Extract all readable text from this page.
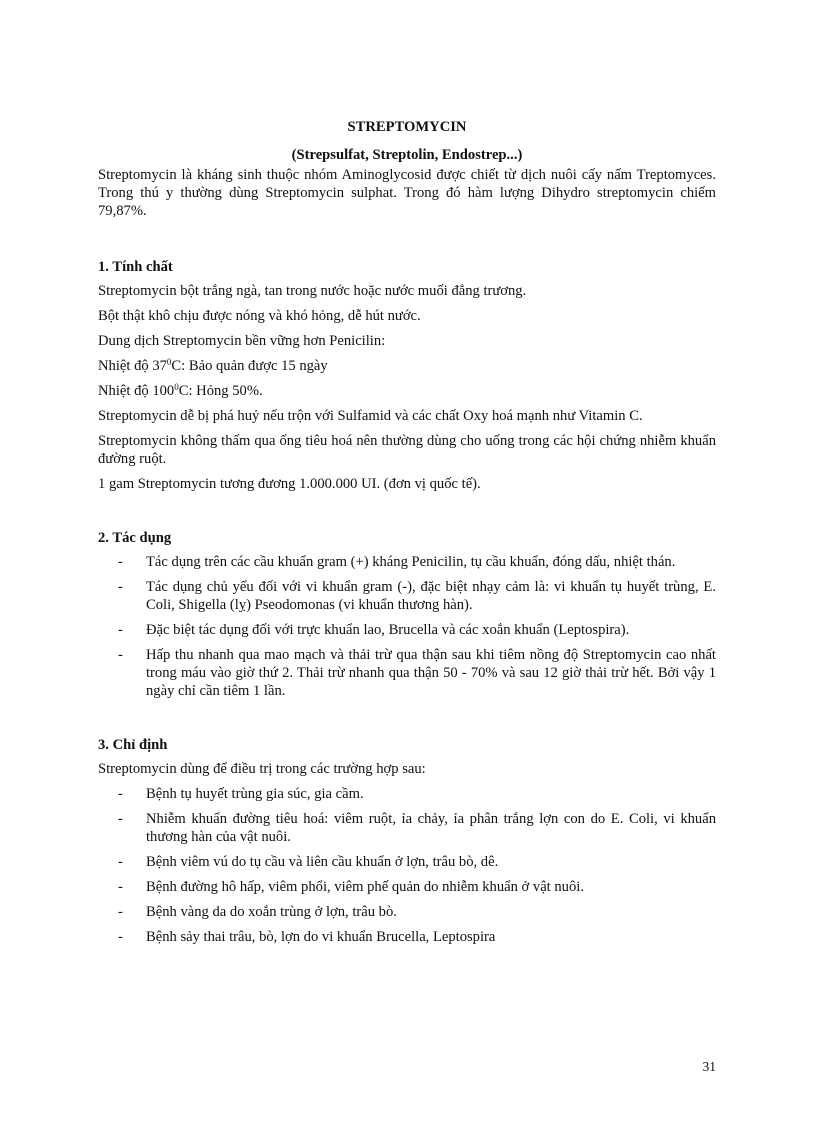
STREPTOMYCIN
(Strepsulfat, Streptolin, Endostrep...)

Streptomycin là kháng sinh thuộc nhóm Aminoglycosid được chiết từ dịch nuôi cấy nấm Treptomyces. Trong thú y thường dùng Streptomycin sulphat. Trong đó hàm lượng Dihydro streptomycin chiếm 79,87%.

1. Tính chất

Streptomycin bột trắng ngà, tan trong nước hoặc nước muối đẳng trương.

Bột thật khô chịu được nóng và khó hỏng, dễ hút nước.

Dung dịch Streptomycin bền vững hơn Penicilin:

Nhiệt độ $37^0C$: Bảo quản được 15 ngày

Nhiệt độ $100^0C$: Hỏng 50%.

Streptomycin dễ bị phá huỷ nếu trộn với Sulfamid và các chất Oxy hoá mạnh như Vitamin C.

Streptomycin không thấm qua ống tiêu hoá nên thường dùng cho uống trong các hội chứng nhiễm khuẩn đường ruột.

1 gam Streptomycin tương đương 1.000.000 UI. (đơn vị quốc tế).

2. Tác dụng
- Tác dụng trên các cầu khuẩn gram (+) kháng Penicilin, tụ cầu khuẩn, đóng dấu, nhiệt thán.
- Tác dụng chủ yếu đối với vi khuẩn gram (-), đặc biệt nhạy cảm là: vi khuẩn tụ huyết trùng, E. Coli, Shigella (lỵ) Pseodomonas (vi khuẩn thương hàn).
- Đặc biệt tác dụng đối với trực khuẩn lao, Brucella và các xoắn khuẩn (Leptospira).
- Hấp thu nhanh qua mao mạch và thải trừ qua thận sau khi tiêm nồng độ Streptomycin cao nhất trong máu vào giờ thứ 2. Thải trừ nhanh qua thận 50 - 70% và sau 12 giờ thải trừ hết. Bởi vậy 1 ngày chỉ cần tiêm 1 lần.
3. Chỉ định

Streptomycin dùng để điều trị trong các trường hợp sau:

- Bệnh tụ huyết trùng gia súc, gia cầm.
- Nhiễm khuẩn đường tiêu hoá: viêm ruột, ỉa chảy, ỉa phân trắng lợn con do E. Coli, vi khuẩn thương hàn của vật nuôi.
- Bệnh viêm vú do tụ cầu và liên cầu khuẩn ở lợn, trâu bò, dê.
- Bệnh đường hô hấp, viêm phổi, viêm phế quản do nhiễm khuẩn ở vật nuôi.
- Bệnh vàng da do xoắn trùng ở lợn, trâu bò.
- Bệnh sảy thai trâu, bò, lợn do vi khuẩn Brucella, Leptospira
31
